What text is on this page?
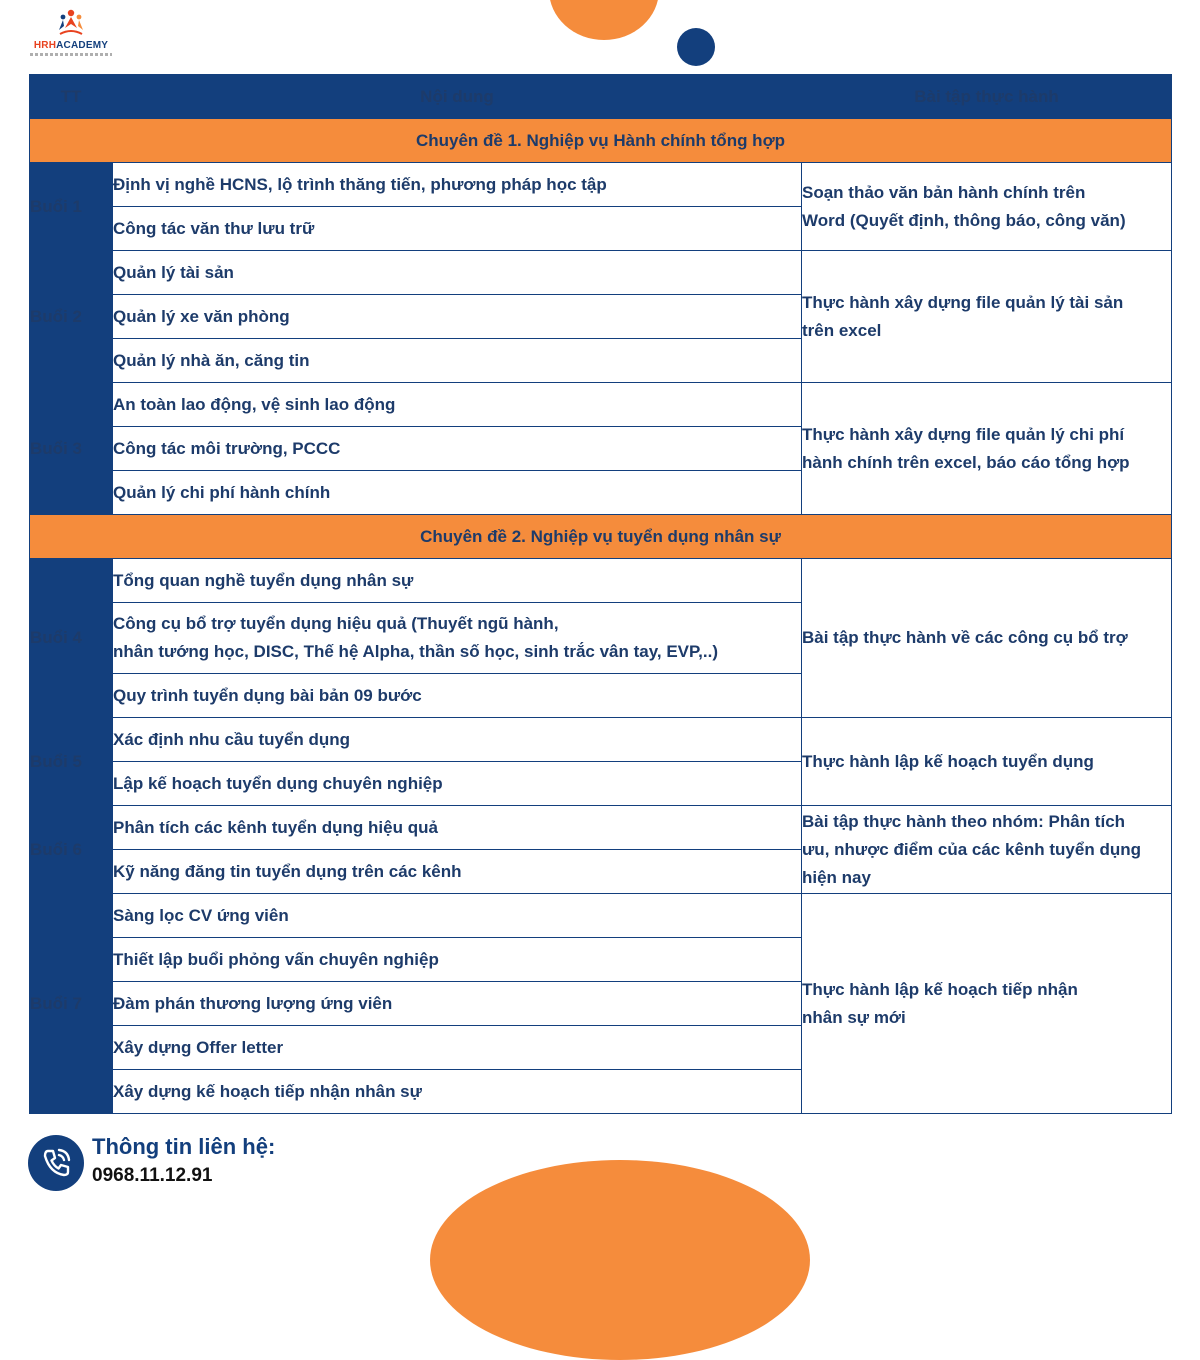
HRHACADEMY
TT	Nội dung	Bài tập thực hành
Chuyên đề 1. Nghiệp vụ Hành chính tổng hợp		
Buổi 1	Định vị nghề HCNS, lộ trình thăng tiến, phương pháp học tập	Soạn thảo văn bản hành chính trên
Word (Quyết định, thông báo, công văn)

	Công tác văn thư lưu trữ	
Buổi 2	Quản lý tài sản	Thực hành xây dựng file quản lý tài sản
trên excel

	Quản lý xe văn phòng	
	Quản lý nhà ăn, căng tin	
Buổi 3	An toàn lao động, vệ sinh lao động	Thực hành xây dựng file quản lý chi phí
hành chính trên excel, báo cáo tổng hợp

	Công tác môi trường, PCCC	
	Quản lý chi phí hành chính	
Chuyên đề 2. Nghiệp vụ tuyển dụng nhân sự		
Buổi 4	Tổng quan nghề tuyển dụng nhân sự	Bài tập thực hành về các công cụ bổ trợ

	Công cụ bổ trợ tuyển dụng hiệu quả (Thuyết ngũ hành,
nhân tướng học, DISC, Thế hệ Alpha, thần số học, sinh trắc vân tay, EVP,..)	

	Quy trình tuyển dụng bài bản 09 bước	
Buổi 5	Xác định nhu cầu tuyển dụng	Thực hành lập kế hoạch tuyển dụng

	Lập kế hoạch tuyển dụng chuyên nghiệp	
Buổi 6	Phân tích các kênh tuyển dụng hiệu quả	Bài tập thực hành theo nhóm: Phân tích
ưu, nhược điểm của các kênh tuyển dụng
hiện nay

	Kỹ năng đăng tin tuyển dụng trên các kênh	
Buổi 7	Sàng lọc CV ứng viên	Thực hành lập kế hoạch tiếp nhận
nhân sự mới

	Thiết lập buổi phỏng vấn chuyên nghiệp	
	Đàm phán thương lượng ứng viên	
	Xây dựng Offer letter	
	Xây dựng kế hoạch tiếp nhận nhân sự	
Thông tin liên hệ:
0968.11.12.91
